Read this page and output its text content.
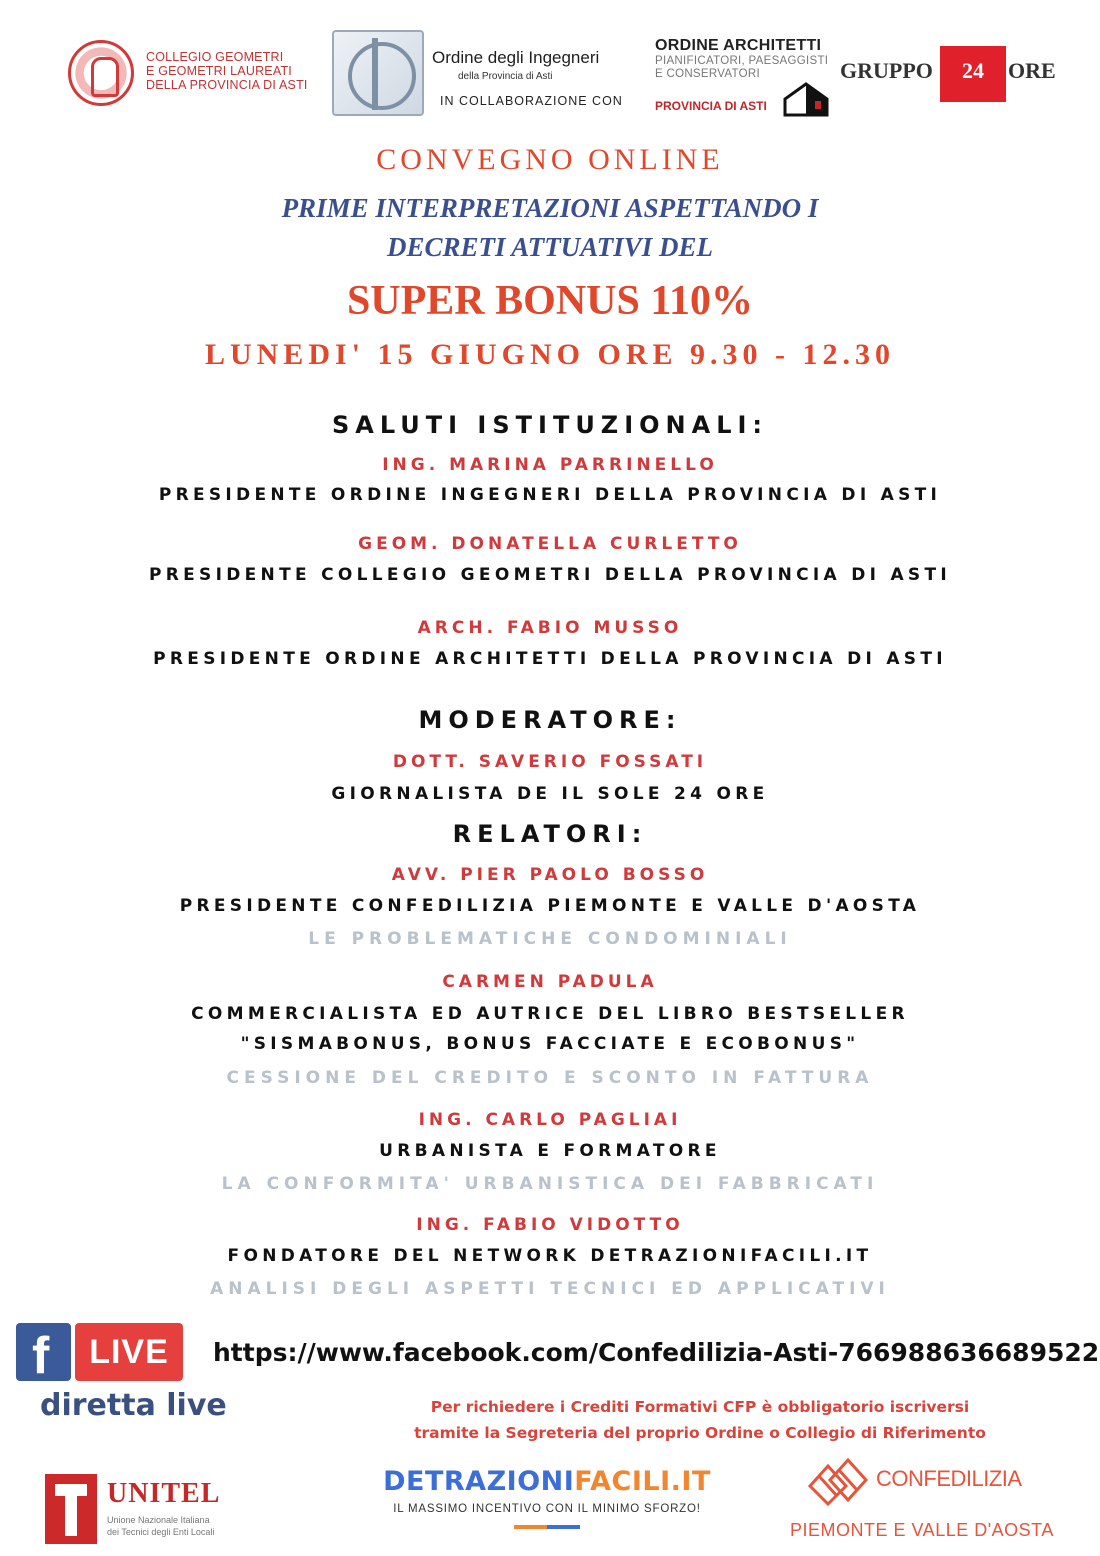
COLLEGIO GEOMETRI
E GEOMETRI LAUREATI
DELLA PROVINCIA DI ASTI
Ordine degli Ingegneri
della Provincia di Asti
IN COLLABORAZIONE CON
ORDINE ARCHITETTI
PIANIFICATORI, PAESAGGISTI
E CONSERVATORI
PROVINCIA DI ASTI
GRUPPO	24	ORE
CONVEGNO ONLINE
PRIME INTERPRETAZIONI ASPETTANDO I
DECRETI ATTUATIVI DEL
SUPER BONUS 110%
LUNEDI' 15 GIUGNO ORE 9.30 - 12.30
SALUTI ISTITUZIONALI:
ING. MARINA PARRINELLO
PRESIDENTE ORDINE INGEGNERI DELLA PROVINCIA DI ASTI
GEOM. DONATELLA CURLETTO
PRESIDENTE COLLEGIO GEOMETRI DELLA PROVINCIA DI ASTI
ARCH. FABIO MUSSO
PRESIDENTE ORDINE ARCHITETTI DELLA PROVINCIA DI ASTI
MODERATORE:
DOTT. SAVERIO FOSSATI
GIORNALISTA DE IL SOLE 24 ORE
RELATORI:
AVV. PIER PAOLO BOSSO
PRESIDENTE CONFEDILIZIA PIEMONTE E VALLE D'AOSTA
LE PROBLEMATICHE CONDOMINIALI
CARMEN PADULA
COMMERCIALISTA ED AUTRICE DEL LIBRO BESTSELLER
"SISMABONUS, BONUS FACCIATE E ECOBONUS"
CESSIONE DEL CREDITO E SCONTO IN FATTURA
ING. CARLO PAGLIAI
URBANISTA E FORMATORE
LA CONFORMITA' URBANISTICA DEI FABBRICATI
ING. FABIO VIDOTTO
FONDATORE DEL NETWORK DETRAZIONIFACILI.IT
ANALISI DEGLI ASPETTI TECNICI ED APPLICATIVI
f	LIVE	https://www.facebook.com/Confedilizia-Asti-766988636689522
diretta live	Per richiedere i Crediti Formativi CFP è obbligatorio iscriversi
tramite la Segreteria del proprio Ordine o Collegio di Riferimento
UNITEL
Unione Nazionale Italiana
dei Tecnici degli Enti Locali
DETRAZIONIFACILI.IT
IL MASSIMO INCENTIVO CON IL MINIMO SFORZO!
CONFEDILIZIA
PIEMONTE E VALLE D'AOSTA
